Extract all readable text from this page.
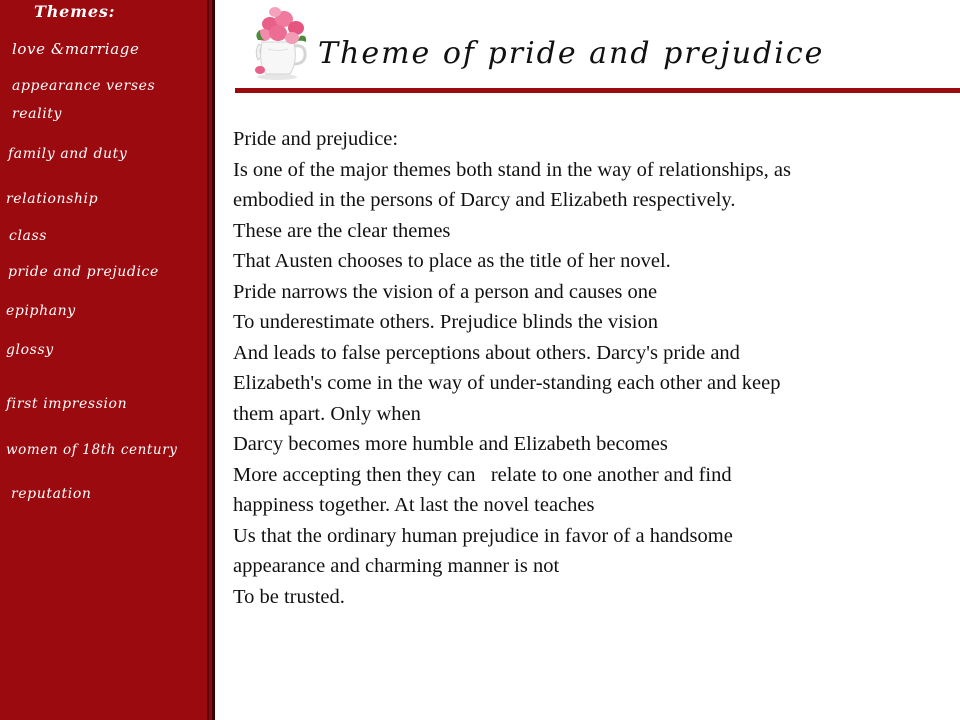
Themes:
love &marriage
appearance verses
reality
family and duty
relationship
class
pride and prejudice
epiphany
glossy
first impression
women of 18th century
reputation
Theme of pride and prejudice
Pride and prejudice:
Is one of the major themes both stand in the way of relationships, as
embodied in the persons of Darcy and Elizabeth respectively.
These are the clear themes
That Austen chooses to place as the title of her novel.
Pride narrows the vision of a person and causes one
To underestimate others. Prejudice blinds the vision
And leads to false perceptions about others. Darcy's pride and
Elizabeth's come in the way of under-standing each other and keep
them apart. Only when
Darcy becomes more humble and Elizabeth becomes
More accepting then they can   relate to one another and find
happiness together. At last the novel teaches
Us that the ordinary human prejudice in favor of a handsome
appearance and charming manner is not
To be trusted.
